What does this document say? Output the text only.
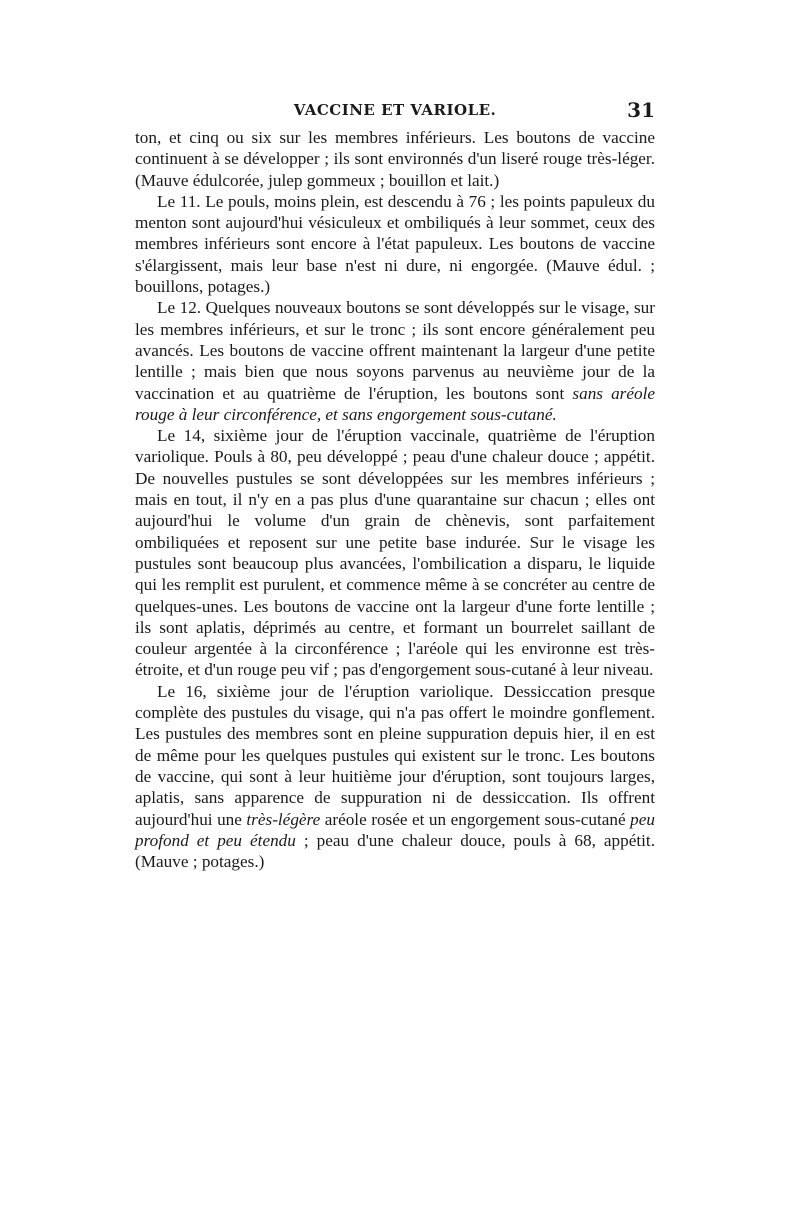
VACCINE ET VARIOLE.	31

ton, et cinq ou six sur les membres inférieurs. Les boutons de vaccine continuent à se développer ; ils sont environnés d'un liseré rouge très-léger. (Mauve édulcorée, julep gommeux ; bouillon et lait.)

Le 11. Le pouls, moins plein, est descendu à 76 ; les points papuleux du menton sont aujourd'hui vésiculeux et ombiliqués à leur sommet, ceux des membres inférieurs sont encore à l'état papuleux. Les boutons de vaccine s'élargissent, mais leur base n'est ni dure, ni engorgée. (Mauve édul. ; bouillons, potages.)

Le 12. Quelques nouveaux boutons se sont développés sur le visage, sur les membres inférieurs, et sur le tronc ; ils sont encore généralement peu avancés. Les boutons de vaccine offrent maintenant la largeur d'une petite lentille ; mais bien que nous soyons parvenus au neuvième jour de la vaccination et au quatrième de l'éruption, les boutons sont sans aréole rouge à leur circonférence, et sans engorgement sous-cutané.

Le 14, sixième jour de l'éruption vaccinale, quatrième de l'éruption variolique. Pouls à 80, peu développé ; peau d'une chaleur douce ; appétit. De nouvelles pustules se sont développées sur les membres inférieurs ; mais en tout, il n'y en a pas plus d'une quarantaine sur chacun ; elles ont aujourd'hui le volume d'un grain de chènevis, sont parfaitement ombiliquées et reposent sur une petite base indurée. Sur le visage les pustules sont beaucoup plus avancées, l'ombilication a disparu, le liquide qui les remplit est purulent, et commence même à se concréter au centre de quelques-unes. Les boutons de vaccine ont la largeur d'une forte lentille ; ils sont aplatis, déprimés au centre, et formant un bourrelet saillant de couleur argentée à la circonférence ; l'aréole qui les environne est très-étroite, et d'un rouge peu vif ; pas d'engorgement sous-cutané à leur niveau.

Le 16, sixième jour de l'éruption variolique. Dessiccation presque complète des pustules du visage, qui n'a pas offert le moindre gonflement. Les pustules des membres sont en pleine suppuration depuis hier, il en est de même pour les quelques pustules qui existent sur le tronc. Les boutons de vaccine, qui sont à leur huitième jour d'éruption, sont toujours larges, aplatis, sans apparence de suppuration ni de dessiccation. Ils offrent aujourd'hui une très-légère aréole rosée et un engorgement sous-cutané peu profond et peu étendu ; peau d'une chaleur douce, pouls à 68, appétit. (Mauve ; potages.)
